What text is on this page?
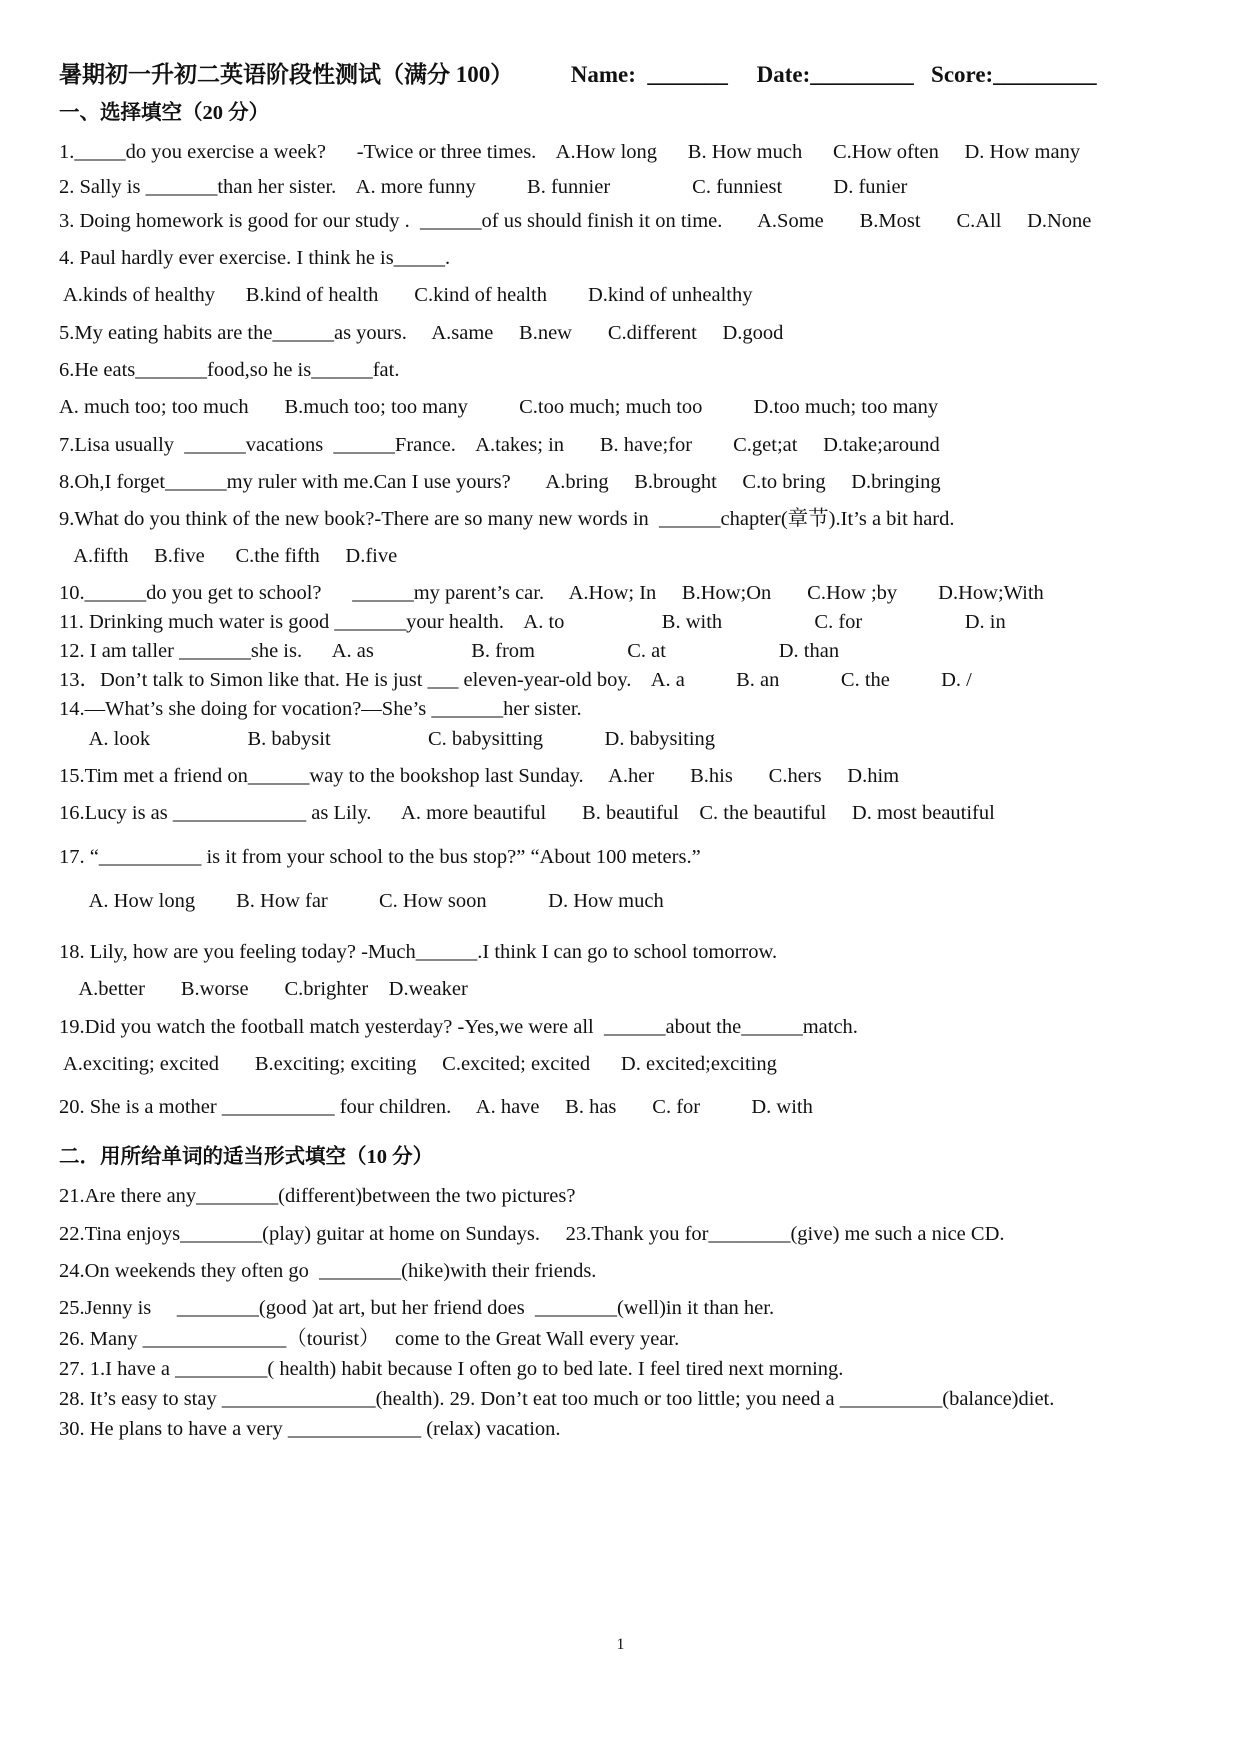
暑期初一升初二英语阶段性测试（满分 100）          Name:  _______     Date:_________   Score:_________
一、选择填空（20 分）
1._____do you exercise a week?      -Twice or three times.    A.How long      B. How much      C.How often     D. How many
2. Sally is _______than her sister.    A. more funny          B. funnier                C. funniest          D. funier
3. Doing homework is good for our study .  ______of us should finish it on time.       A.Some       B.Most       C.All     D.None
4. Paul hardly ever exercise. I think he is_____.
A.kinds of healthy      B.kind of health       C.kind of health        D.kind of unhealthy
5.My eating habits are the______as yours.     A.same     B.new       C.different     D.good
6.He eats_______food,so he is______fat.
A. much too; too much       B.much too; too many          C.too much; much too          D.too much; too many
7.Lisa usually  ______vacations  ______France.    A.takes; in       B. have;for        C.get;at     D.take;around
8.Oh,I forget______my ruler with me.Can I use yours?       A.bring     B.brought     C.to bring     D.bringing
9.What do you think of the new book?-There are so many new words in  ______chapter(章节).It’s a bit hard.
A.fifth     B.five      C.the fifth     D.five
10.______do you get to school?      ______my parent’s car.     A.How; In     B.How;On       C.How ;by        D.How;With
11. Drinking much water is good _______your health.    A. to                   B. with                  C. for                    D. in
12. I am taller _______she is.      A. as                   B. from                  C. at                      D. than
13．Don’t talk to Simon like that. He is just ___ eleven-year-old boy.    A. a          B. an            C. the          D. /
14.—What’s she doing for vocation?—She’s _______her sister.
A. look                   B. babysit                   C. babysitting            D. babysiting
15.Tim met a friend on______way to the bookshop last Sunday.     A.her       B.his       C.hers     D.him
16.Lucy is as _____________ as Lily.      A. more beautiful       B. beautiful    C. the beautiful     D. most beautiful
17. “__________ is it from your school to the bus stop?” “About 100 meters.”
A. How long        B. How far          C. How soon            D. How much
18. Lily, how are you feeling today? -Much______.I think I can go to school tomorrow.
A.better       B.worse       C.brighter    D.weaker
19.Did you watch the football match yesterday? -Yes,we were all  ______about the______match.
A.exciting; excited       B.exciting; exciting     C.excited; excited      D. excited;exciting
20. She is a mother ___________ four children.     A. have     B. has       C. for          D. with
二．用所给单词的适当形式填空（10 分）
21.Are there any________(different)between the two pictures?
22.Tina enjoys________(play) guitar at home on Sundays.     23.Thank you for________(give) me such a nice CD.
24.On weekends they often go  ________(hike)with their friends.
25.Jenny is     ________(good )at art, but her friend does  ________(well)in it than her.
26. Many ______________（tourist）   come to the Great Wall every year.
27. 1.I have a _________( health) habit because I often go to bed late. I feel tired next morning.
28. It’s easy to stay _______________(health). 29. Don’t eat too much or too little; you need a __________(balance)diet.
30. He plans to have a very _____________ (relax) vacation.
1
